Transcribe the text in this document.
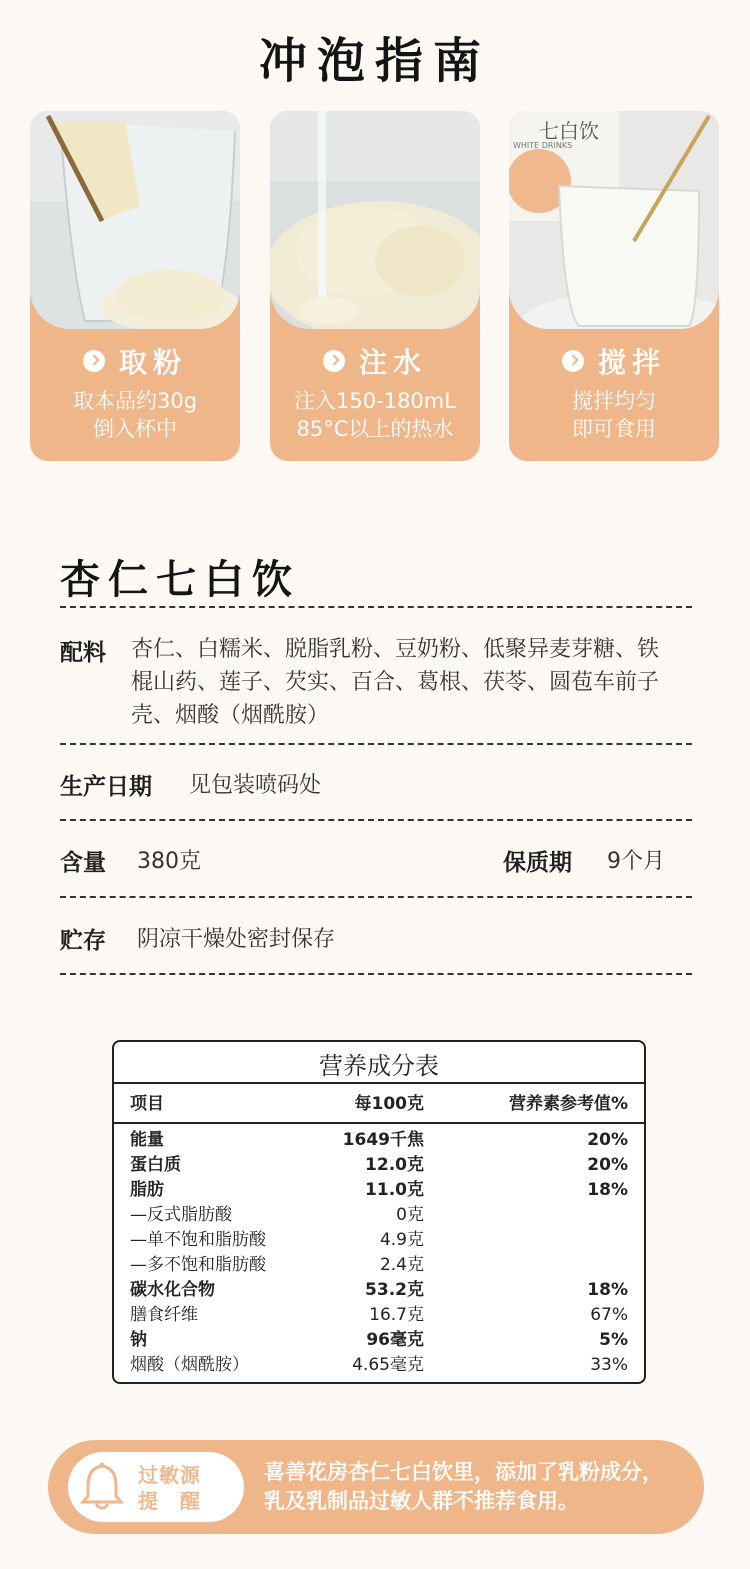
冲泡指南
取粉
取本品约30g
倒入杯中
注水
注入150-180mL
85°C以上的热水
七白饮
WHITE DRINKS
搅拌
搅拌均匀
即可食用
杏仁七白饮
配料 杏仁、白糯米、脱脂乳粉、豆奶粉、低聚异麦芽糖、铁
棍山药、莲子、芡实、百合、葛根、茯苓、圆苞车前子
壳、烟酸（烟酰胺）
生产日期 见包装喷码处
含量 380克	保质期 9个月
贮存 阴凉干燥处密封保存
营养成分表
项目	每100克	营养素参考值%
能量	1649千焦	20%
蛋白质	12.0克	20%
脂肪	11.0克	18%
—反式脂肪酸	0克
—单不饱和脂肪酸	4.9克
—多不饱和脂肪酸	2.4克
碳水化合物	53.2克	18%
膳食纤维	16.7克	67%
钠	96毫克	5%
烟酸（烟酰胺）	4.65毫克	33%
过敏源
提　醒
喜善花房杏仁七白饮里，添加了乳粉成分，
乳及乳制品过敏人群不推荐食用。
